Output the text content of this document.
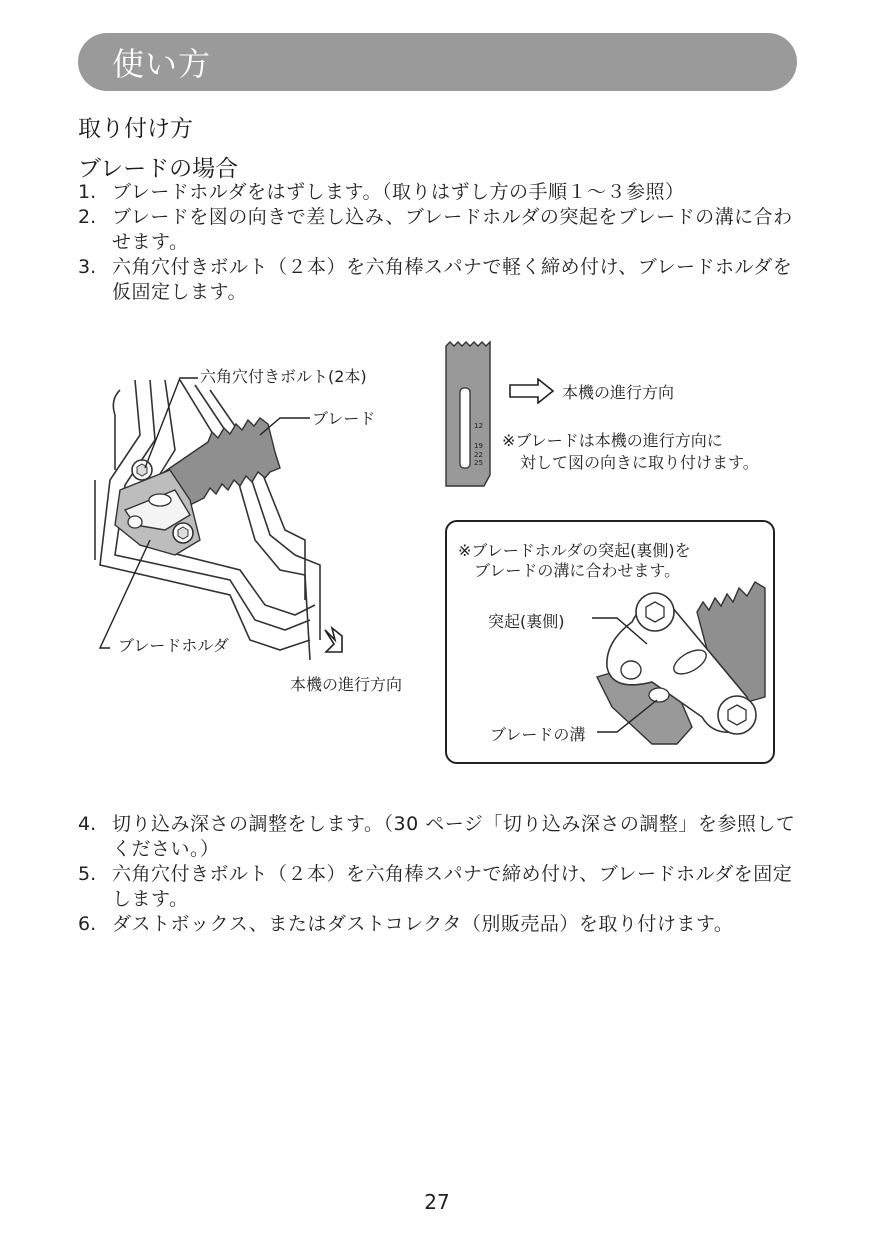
使い方
取り付け方
ブレードの場合
1. ブレードホルダをはずします。（取りはずし方の手順１～３参照）
2. ブレードを図の向きで差し込み、ブレードホルダの突起をブレードの溝に合わせます。
3. 六角穴付きボルト（２本）を六角棒スパナで軽く締め付け、ブレードホルダを仮固定します。
六角穴付きボルト(2本)
ブレード
ブレードホルダ
本機の進行方向
12
19
22
25
本機の進行方向
※ブレードは本機の進行方向に
対して図の向きに取り付けます。
※ブレードホルダの突起(裏側)を
ブレードの溝に合わせます。
突起(裏側)
ブレードの溝
4. 切り込み深さの調整をします。（30 ページ「切り込み深さの調整」を参照してください。）
5. 六角穴付きボルト（２本）を六角棒スパナで締め付け、ブレードホルダを固定します。
6. ダストボックス、またはダストコレクタ（別販売品）を取り付けます。
27
